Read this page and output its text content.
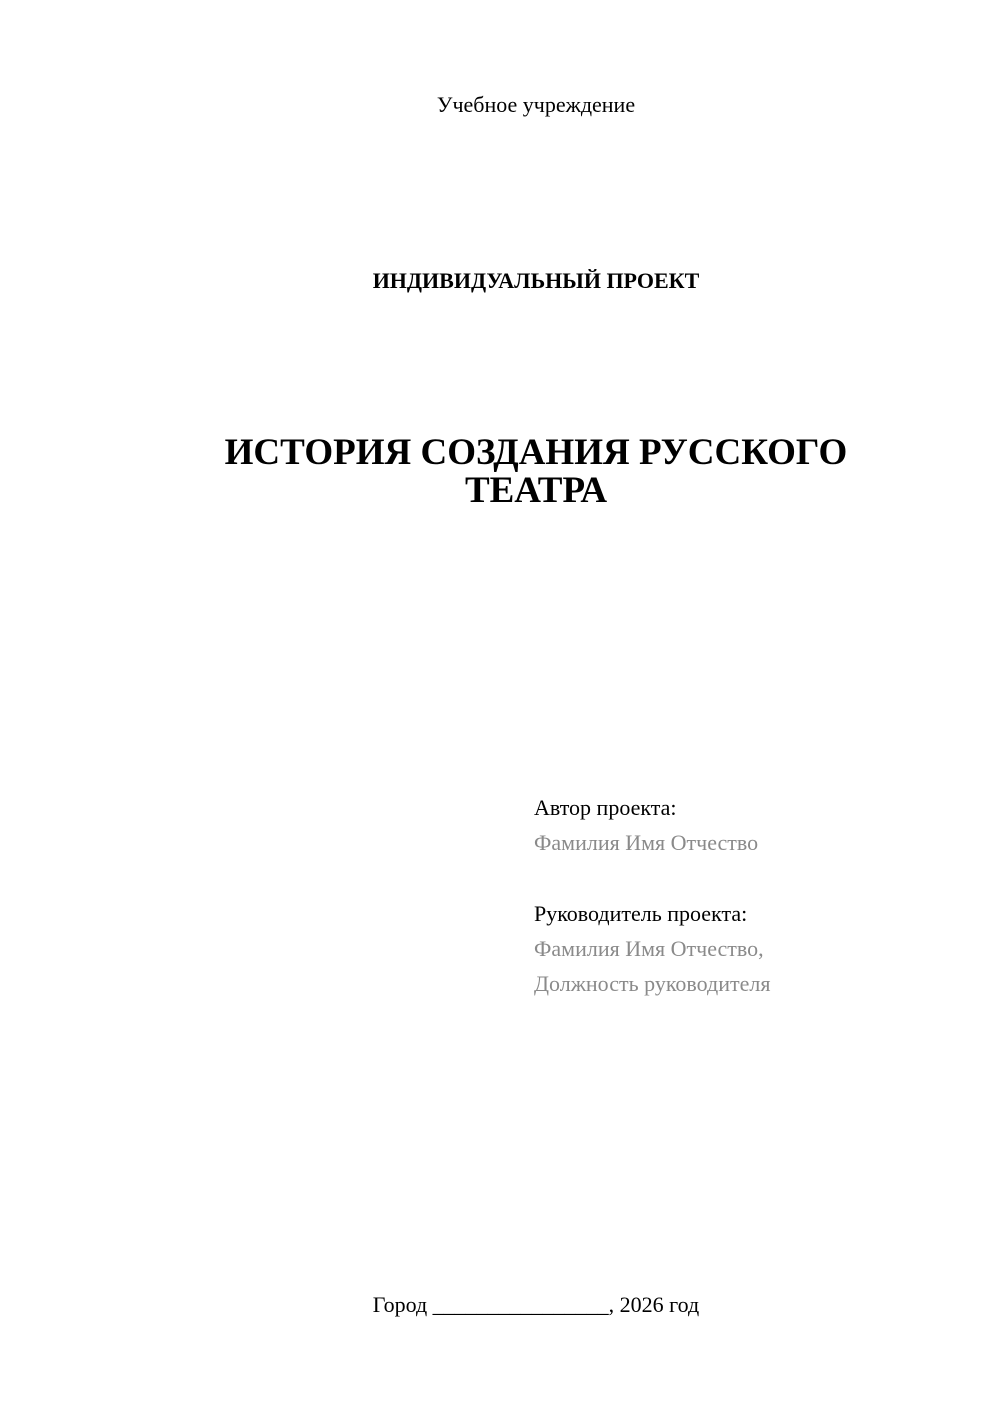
Учебное учреждение
ИНДИВИДУАЛЬНЫЙ ПРОЕКТ
ИСТОРИЯ СОЗДАНИЯ РУССКОГО
ТЕАТРА
Автор проекта:
Фамилия Имя Отчество
Руководитель проекта:
Фамилия Имя Отчество,
Должность руководителя
Город ________________, 2026 год
